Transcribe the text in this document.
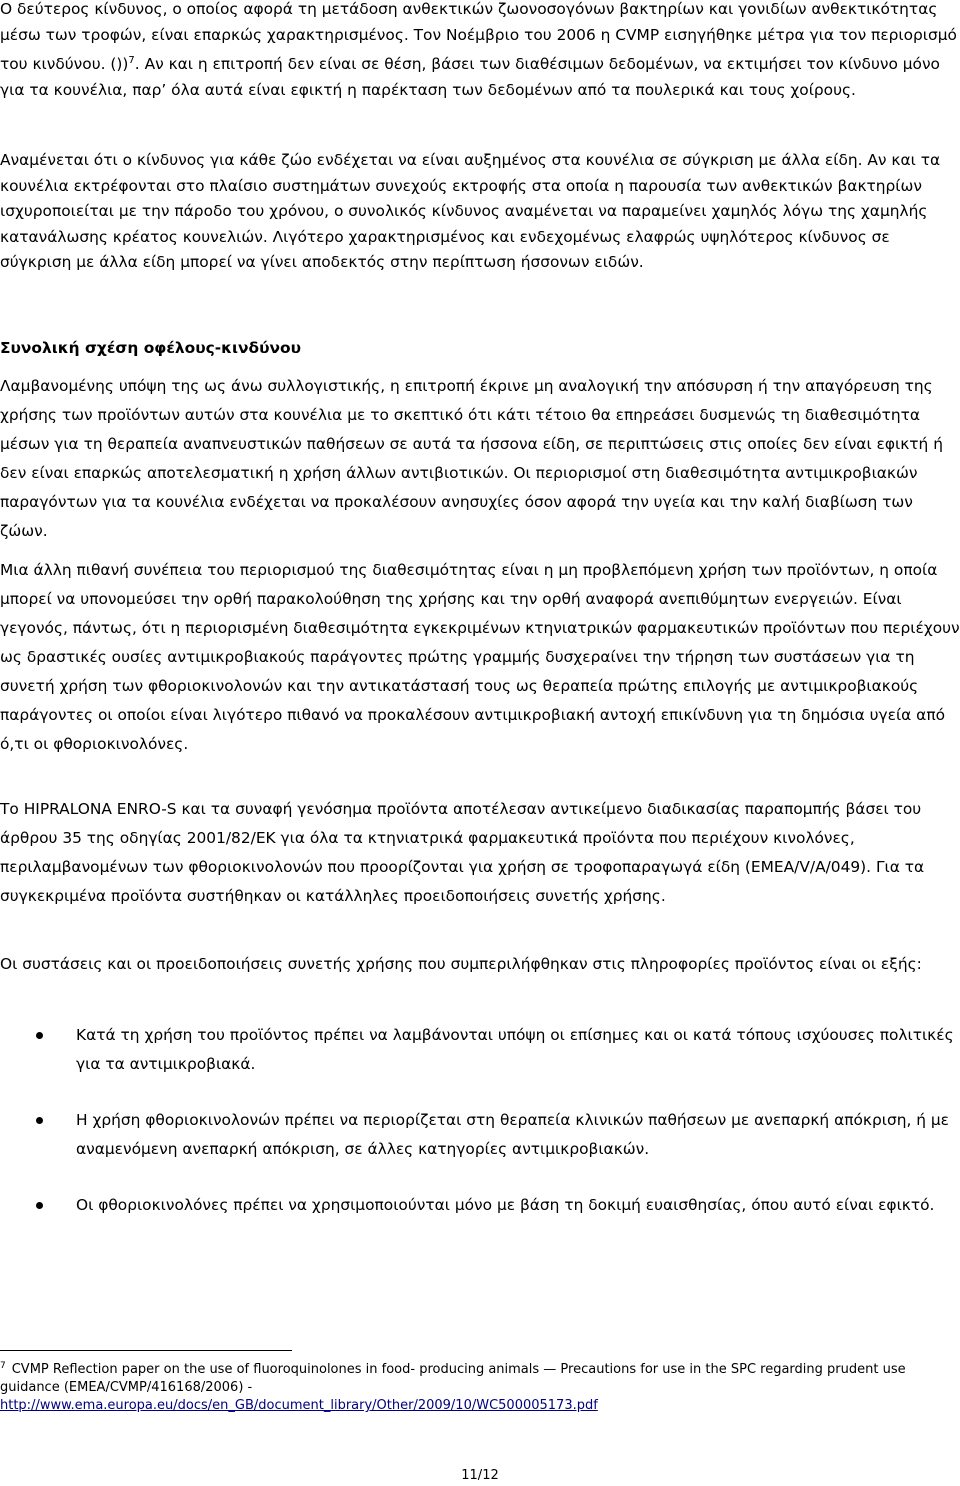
Ο δεύτερος κίνδυνος, ο οποίος αφορά τη μετάδοση ανθεκτικών ζωονοσογόνων βακτηρίων και γονιδίων ανθεκτικότητας μέσω των τροφών, είναι επαρκώς χαρακτηρισμένος. Τον Νοέμβριο του 2006 η CVMP εισηγήθηκε μέτρα για τον περιορισμό του κινδύνου. ())$^7$. Αν και η επιτροπή δεν είναι σε θέση, βάσει των διαθέσιμων δεδομένων, να εκτιμήσει τον κίνδυνο μόνο για τα κουνέλια, παρ’ όλα αυτά είναι εφικτή η παρέκταση των δεδομένων από τα πουλερικά και τους χοίρους.

Αναμένεται ότι ο κίνδυνος για κάθε ζώο ενδέχεται να είναι αυξημένος στα κουνέλια σε σύγκριση με άλλα είδη. Αν και τα κουνέλια εκτρέφονται στο πλαίσιο συστημάτων συνεχούς εκτροφής στα οποία η παρουσία των ανθεκτικών βακτηρίων ισχυροποιείται με την πάροδο του χρόνου, ο συνολικός κίνδυνος αναμένεται να παραμείνει χαμηλός λόγω της χαμηλής κατανάλωσης κρέατος κουνελιών. Λιγότερο χαρακτηρισμένος και ενδεχομένως ελαφρώς υψηλότερος κίνδυνος σε σύγκριση με άλλα είδη μπορεί να γίνει αποδεκτός στην περίπτωση ήσσονων ειδών.

Συνολική σχέση οφέλους-κινδύνου

Λαμβανομένης υπόψη της ως άνω συλλογιστικής, η επιτροπή έκρινε μη αναλογική την απόσυρση ή την απαγόρευση της χρήσης των προϊόντων αυτών στα κουνέλια με το σκεπτικό ότι κάτι τέτοιο θα επηρεάσει δυσμενώς τη διαθεσιμότητα μέσων για τη θεραπεία αναπνευστικών παθήσεων σε αυτά τα ήσσονα είδη, σε περιπτώσεις στις οποίες δεν είναι εφικτή ή δεν είναι επαρκώς αποτελεσματική η χρήση άλλων αντιβιοτικών. Οι περιορισμοί στη διαθεσιμότητα αντιμικροβιακών παραγόντων για τα κουνέλια ενδέχεται να προκαλέσουν ανησυχίες όσον αφορά την υγεία και την καλή διαβίωση των ζώων.

Μια άλλη πιθανή συνέπεια του περιορισμού της διαθεσιμότητας είναι η μη προβλεπόμενη χρήση των προϊόντων, η οποία μπορεί να υπονομεύσει την ορθή παρακολούθηση της χρήσης και την ορθή αναφορά ανεπιθύμητων ενεργειών. Είναι γεγονός, πάντως, ότι η περιορισμένη διαθεσιμότητα εγκεκριμένων κτηνιατρικών φαρμακευτικών προϊόντων που περιέχουν ως δραστικές ουσίες αντιμικροβιακούς παράγοντες πρώτης γραμμής δυσχεραίνει την τήρηση των συστάσεων για τη συνετή χρήση των φθοριοκινολονών και την αντικατάστασή τους ως θεραπεία πρώτης επιλογής με αντιμικροβιακούς παράγοντες οι οποίοι είναι λιγότερο πιθανό να προκαλέσουν αντιμικροβιακή αντοχή επικίνδυνη για τη δημόσια υγεία από ό,τι οι φθοριοκινολόνες.

Το HIPRALONA ENRO-S και τα συναφή γενόσημα προϊόντα αποτέλεσαν αντικείμενο διαδικασίας παραπομπής βάσει του άρθρου 35 της οδηγίας 2001/82/ΕΚ για όλα τα κτηνιατρικά φαρμακευτικά προϊόντα που περιέχουν κινολόνες, περιλαμβανομένων των φθοριοκινολονών που προορίζονται για χρήση σε τροφοπαραγωγά είδη (EMEA/V/A/049). Για τα συγκεκριμένα προϊόντα συστήθηκαν οι κατάλληλες προειδοποιήσεις συνετής χρήσης.

Οι συστάσεις και οι προειδοποιήσεις συνετής χρήσης που συμπεριλήφθηκαν στις πληροφορίες προϊόντος είναι οι εξής:

Κατά τη χρήση του προϊόντος πρέπει να λαμβάνονται υπόψη οι επίσημες και οι κατά τόπους ισχύουσες πολιτικές για τα αντιμικροβιακά.
Η χρήση φθοριοκινολονών πρέπει να περιορίζεται στη θεραπεία κλινικών παθήσεων με ανεπαρκή απόκριση, ή με αναμενόμενη ανεπαρκή απόκριση, σε άλλες κατηγορίες αντιμικροβιακών.
Οι φθοριοκινολόνες πρέπει να χρησιμοποιούνται μόνο με βάση τη δοκιμή ευαισθησίας, όπου αυτό είναι εφικτό.

$^7$ CVMP Reflection paper on the use of fluoroquinolones in food- producing animals — Precautions for use in the SPC regarding prudent use guidance (EMEA/CVMP/416168/2006) -
http://www.ema.europa.eu/docs/en_GB/document_library/Other/2009/10/WC500005173.pdf

11/12
